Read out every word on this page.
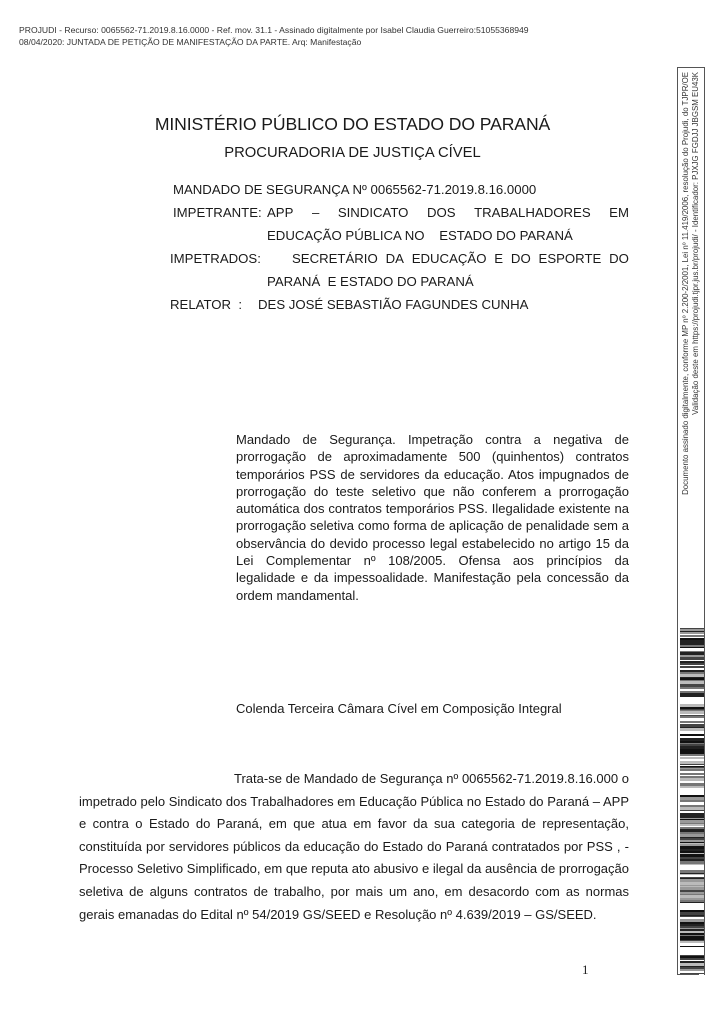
PROJUDI - Recurso: 0065562-71.2019.8.16.0000 - Ref. mov. 31.1 - Assinado digitalmente por Isabel Claudia Guerreiro:51055368949
08/04/2020: JUNTADA DE PETIÇÃO DE MANIFESTAÇÃO DA PARTE. Arq: Manifestação
MINISTÉRIO PÚBLICO DO ESTADO DO PARANÁ
PROCURADORIA DE JUSTIÇA CÍVEL
MANDADO DE SEGURANÇA Nº 0065562-71.2019.8.16.0000
IMPETRANTE: APP – SINDICATO DOS TRABALHADORES EM
EDUCAÇÃO PÚBLICA NO    ESTADO DO PARANÁ
IMPETRADOS: SECRETÁRIO DA EDUCAÇÃO E DO ESPORTE DO
PARANÁ  E ESTADO DO PARANÁ
RELATOR  : DES JOSÉ SEBASTIÃO FAGUNDES CUNHA
Mandado de Segurança. Impetração contra a negativa de prorrogação de aproximadamente 500 (quinhentos) contratos temporários PSS de servidores da educação. Atos impugnados de prorrogação do teste seletivo que não conferem a prorrogação automática dos contratos temporários PSS. Ilegalidade existente na prorrogação seletiva como forma de aplicação de penalidade sem a observância do devido processo legal estabelecido no artigo 15 da Lei Complementar nº 108/2005. Ofensa aos princípios da legalidade e da impessoalidade. Manifestação pela concessão da ordem mandamental.
Colenda Terceira Câmara Cível em Composição Integral
Trata-se de Mandado de Segurança nº 0065562-71.2019.8.16.000 o impetrado pelo Sindicato dos Trabalhadores em Educação Pública no Estado do Paraná – APP e contra o Estado do Paraná, em que atua em favor da sua categoria de representação, constituída por servidores públicos da educação do Estado do Paraná contratados por PSS , - Processo Seletivo Simplificado, em que reputa ato abusivo e ilegal da ausência de prorrogação seletiva de alguns contratos de trabalho, por mais um ano, em desacordo com as normas gerais emanadas do Edital nº 54/2019 GS/SEED e Resolução nº 4.639/2019 – GS/SEED.
1
Documento assinado digitalmente, conforme MP nº 2.200-2/2001, Lei nº 11.419/2006, resolução do Projudi, do TJPR/OE Validação deste em https://projudi.tjpr.jus.br/projudi/ - Identificador: PJXJG FGDJJ JBGSM EU43K
